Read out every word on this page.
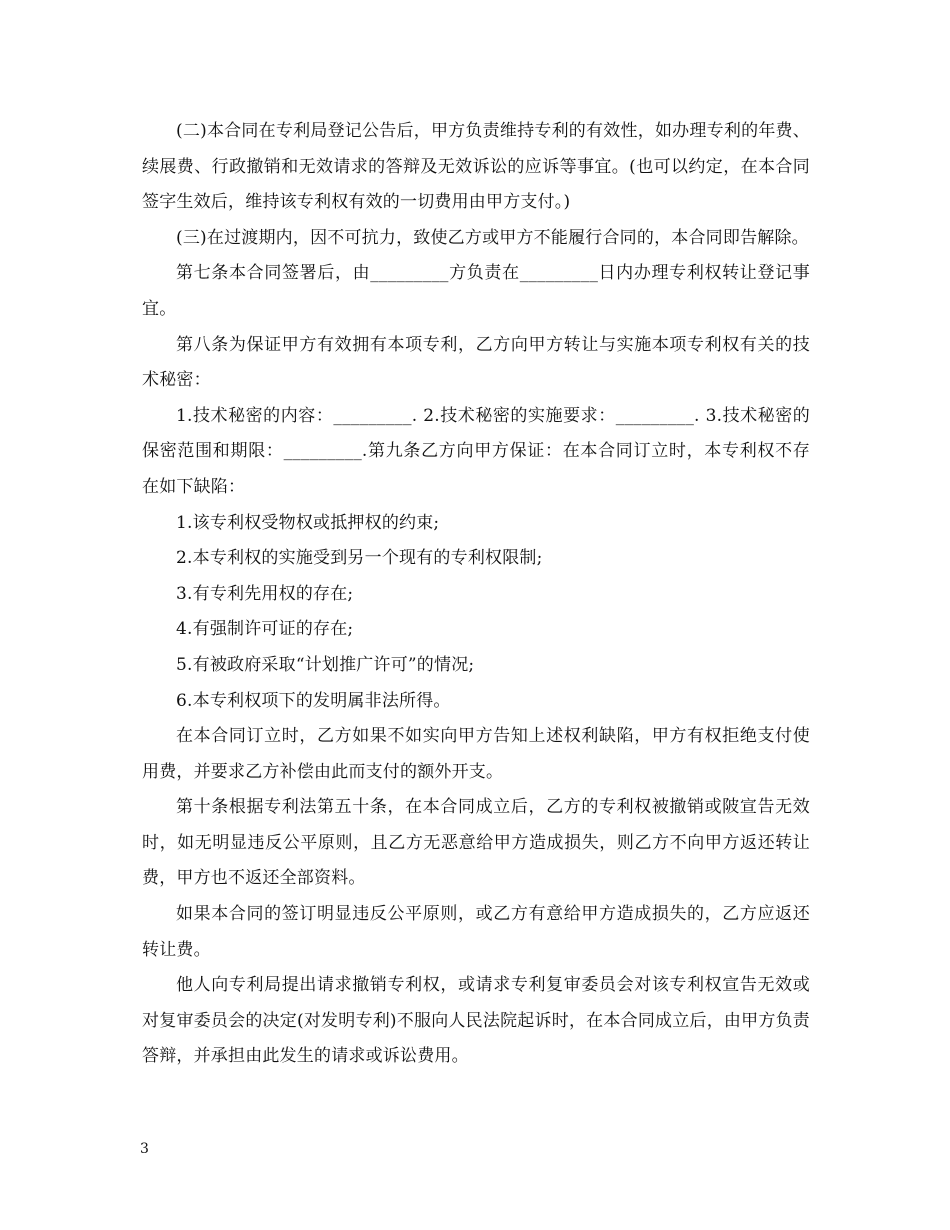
(二)本合同在专利局登记公告后，甲方负责维持专利的有效性，如办理专利的年费、续展费、行政撤销和无效请求的答辩及无效诉讼的应诉等事宜。(也可以约定，在本合同签字生效后，维持该专利权有效的一切费用由甲方支付。)

(三)在过渡期内，因不可抗力，致使乙方或甲方不能履行合同的，本合同即告解除。

第七条本合同签署后，由_________方负责在_________日内办理专利权转让登记事宜。

第八条为保证甲方有效拥有本项专利，乙方向甲方转让与实施本项专利权有关的技术秘密：

1.技术秘密的内容：_________. 2.技术秘密的实施要求：_________. 3.技术秘密的保密范围和期限：_________.第九条乙方向甲方保证：在本合同订立时，本专利权不存在如下缺陷：

1.该专利权受物权或抵押权的约束;

2.本专利权的实施受到另一个现有的专利权限制;

3.有专利先用权的存在;

4.有强制许可证的存在;

5.有被政府采取“计划推广许可”的情况;

6.本专利权项下的发明属非法所得。

在本合同订立时，乙方如果不如实向甲方告知上述权利缺陷，甲方有权拒绝支付使用费，并要求乙方补偿由此而支付的额外开支。

第十条根据专利法第五十条，在本合同成立后，乙方的专利权被撤销或陂宣告无效时，如无明显违反公平原则，且乙方无恶意给甲方造成损失，则乙方不向甲方返还转让费，甲方也不返还全部资料。

如果本合同的签订明显违反公平原则，或乙方有意给甲方造成损失的，乙方应返还转让费。

他人向专利局提出请求撤销专利权，或请求专利复审委员会对该专利权宣告无效或对复审委员会的决定(对发明专利)不服向人民法院起诉时，在本合同成立后，由甲方负责答辩，并承担由此发生的请求或诉讼费用。

3
